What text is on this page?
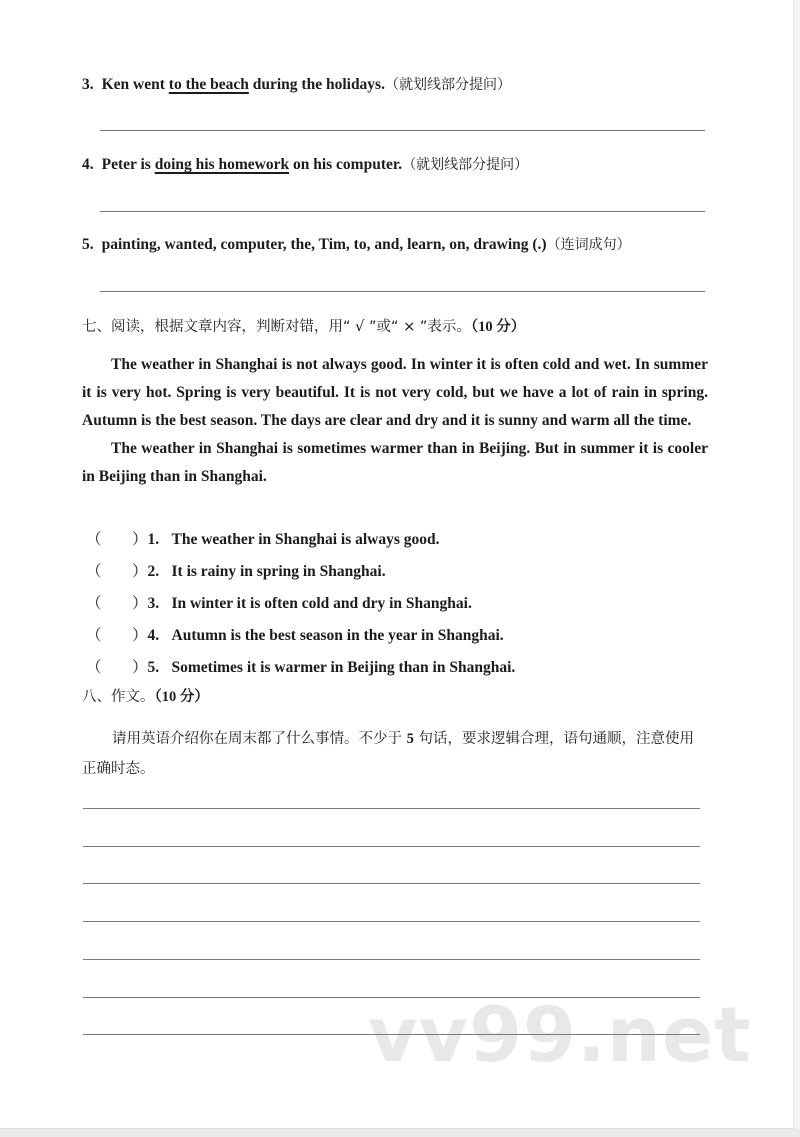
3. Ken went to the beach during the holidays.（就划线部分提问）
4. Peter is doing his homework on his computer.（就划线部分提问）
5. painting, wanted, computer, the, Tim, to, and, learn, on, drawing (.)（连词成句）
七、阅读，根据文章内容，判断对错，用“ √ ”或“ × ”表示。（10 分）

The weather in Shanghai is not always good. In winter it is often cold and wet. In summer it is very hot. Spring is very beautiful. It is not very cold, but we have a lot of rain in spring. Autumn is the best season. The days are clear and dry and it is sunny and warm all the time.

The weather in Shanghai is sometimes warmer than in Beijing. But in summer it is cooler in Beijing than in Shanghai.

（ ）1. The weather in Shanghai is always good.
（ ）2. It is rainy in spring in Shanghai.
（ ）3. In winter it is often cold and dry in Shanghai.
（ ）4. Autumn is the best season in the year in Shanghai.
（ ）5. Sometimes it is warmer in Beijing than in Shanghai.
八、作文。（10 分）

请用英语介绍你在周末都了什么事情。不少于 5 句话，要求逻辑合理，语句通顺，注意使用正确时态。

vv99.net
